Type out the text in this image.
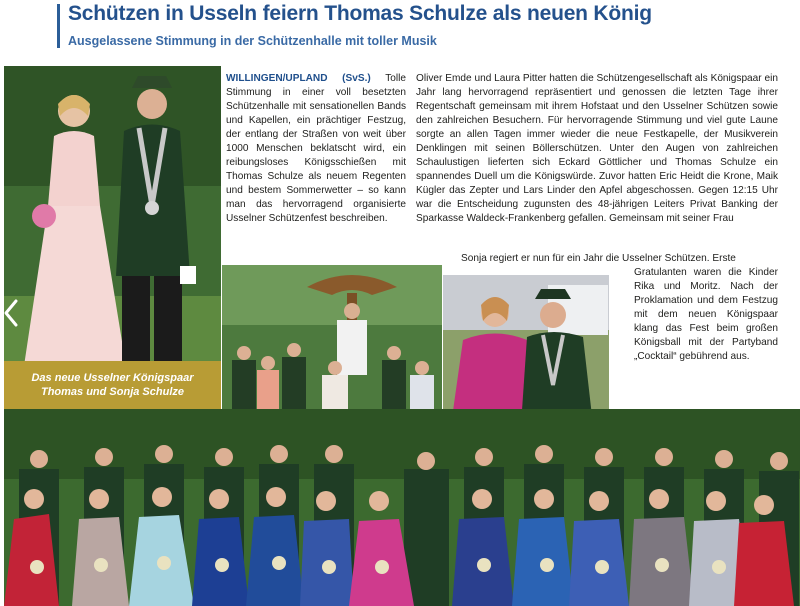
Schützen in Usseln feiern Thomas Schulze als neuen König
Ausgelassene Stimmung in der Schützenhalle mit toller Musik
Das neue Usselner Königspaar
Thomas und Sonja Schulze

WILLINGEN/UPLAND (SvS.) Tolle Stimmung in einer voll besetzten Schützenhalle mit sensationellen Bands und Kapellen, ein prächtiger Festzug, der entlang der Straßen von weit über 1000 Menschen beklatscht wird, ein reibungsloses Königsschießen mit Thomas Schulze als neuem Regenten und bestem Sommerwetter – so kann man das hervorragend organisierte Usselner Schützenfest beschreiben.

Oliver Emde und Laura Pitter hatten die Schützengesellschaft als Königspaar ein Jahr lang hervorragend repräsentiert und genossen die letzten Tage ihrer Regentschaft gemeinsam mit ihrem Hofstaat und den Usselner Schützen sowie den zahlreichen Besuchern. Für hervorragende Stimmung und viel gute Laune sorgte an allen Tagen immer wieder die neue Festkapelle, der Musikverein Denklingen mit seinen Böllerschützen. Unter den Augen von zahlreichen Schaulustigen lieferten sich Eckard Göttlicher und Thomas Schulze ein spannendes Duell um die Königswürde. Zuvor hatten Eric Heidt die Krone, Maik Kügler das Zepter und Lars Linder den Apfel abgeschossen. Gegen 12:15 Uhr war die Entscheidung zugunsten des 48-jährigen Leiters Privat Banking der Sparkasse Waldeck-Frankenberg gefallen. Gemeinsam mit seiner Frau

Sonja regiert er nun für ein Jahr die Usselner Schützen. Erste

Gratulanten waren die Kinder Rika und Moritz. Nach der Proklamation und dem Festzug mit dem neuen Königspaar klang das Fest beim großen Königsball mit der Partyband „Cocktail“ gebührend aus.
